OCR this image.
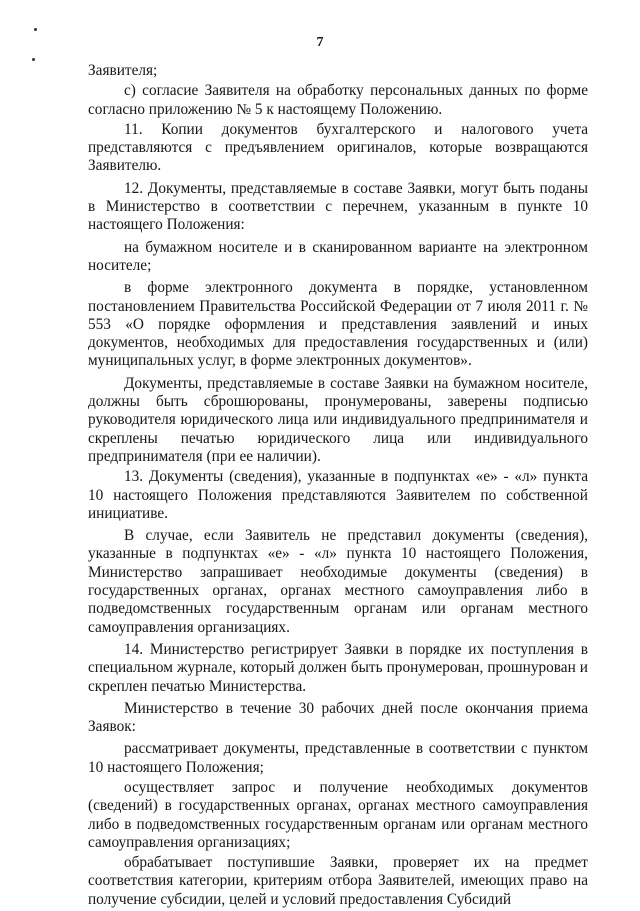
7

Заявителя;

с) согласие Заявителя на обработку персональных данных по форме согласно приложению № 5 к настоящему Положению.

11. Копии документов бухгалтерского и налогового учета представляются с предъявлением оригиналов, которые возвращаются Заявителю.

12. Документы, представляемые в составе Заявки, могут быть поданы в Министерство в соответствии с перечнем, указанным в пункте 10 настоящего Положения:

на бумажном носителе и в сканированном варианте на электронном носителе;

в форме электронного документа в порядке, установленном постановлением Правительства Российской Федерации от 7 июля 2011 г. № 553 «О порядке оформления и представления заявлений и иных документов, необходимых для предоставления государственных и (или) муниципальных услуг, в форме электронных документов».

Документы, представляемые в составе Заявки на бумажном носителе, должны быть сброшюрованы, пронумерованы, заверены подписью руководителя юридического лица или индивидуального предпринимателя и скреплены печатью юридического лица или индивидуального предпринимателя (при ее наличии).

13. Документы (сведения), указанные в подпунктах «е» - «л» пункта 10 настоящего Положения представляются Заявителем по собственной инициативе.

В случае, если Заявитель не представил документы (сведения), указанные в подпунктах «е» - «л» пункта 10 настоящего Положения, Министерство запрашивает необходимые документы (сведения) в государственных органах, органах местного самоуправления либо в подведомственных государственным органам или органам местного самоуправления организациях.

14. Министерство регистрирует Заявки в порядке их поступления в специальном журнале, который должен быть пронумерован, прошнурован и скреплен печатью Министерства.

Министерство в течение 30 рабочих дней после окончания приема Заявок:

рассматривает документы, представленные в соответствии с пунктом 10 настоящего Положения;

осуществляет запрос и получение необходимых документов (сведений) в государственных органах, органах местного самоуправления либо в подведомственных государственным органам или органам местного самоуправления организациях;

обрабатывает поступившие Заявки, проверяет их на предмет соответствия категории, критериям отбора Заявителей, имеющих право на получение субсидии, целей и условий предоставления Субсидий
